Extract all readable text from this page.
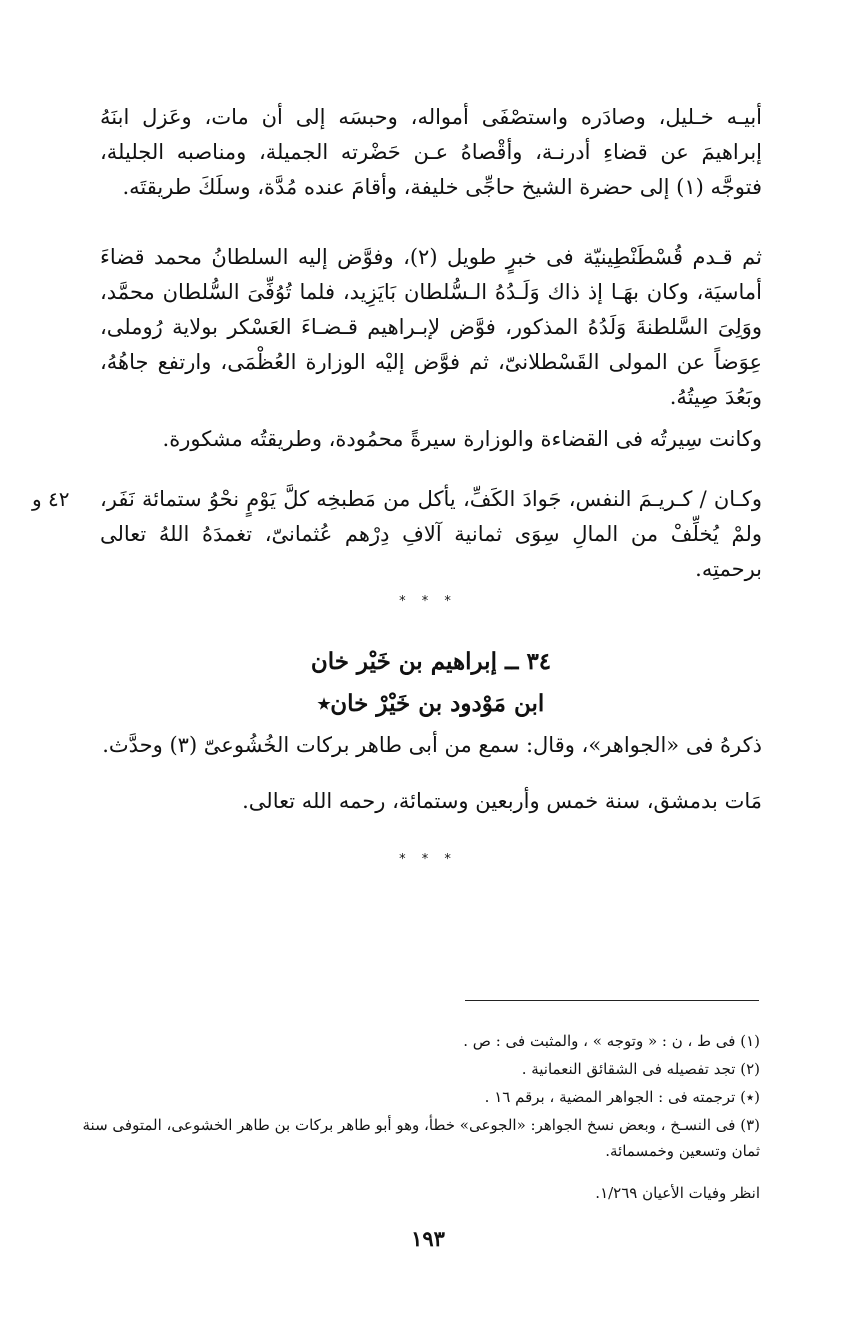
أبيـه خـليل، وصادَره واستصْفَى أمواله، وحبسَه إلى أن مات، وعَزل ابنَهُ إبراهيمَ عن قضاءِ أدرنـة، وأقْصاهُ عـن حَضْرته الجميلة، ومناصبه الجليلة، فتوجَّه (١) إلى حضرة الشيخ حاجِّى خليفة، وأقامَ عنده مُدَّة، وسلَكَ طريقتَه.
ثم قـدم قُسْطَنْطِينيّة فى خبرٍ طويل (٢)، وفوَّض إليه السلطانُ محمد قضاءَ أماسيَة، وكان بهَـا إذ ذاك وَلَـدُهُ الـسُّلطان بَايَزِيد، فلما تُوُفِّىَ السُّلطان محمَّد، ووَلِىَ السَّلطنةَ وَلَدُهُ المذكور، فوَّض لإبـراهيم قـضـاءَ العَسْكر بولاية رُوملى، عِوَضاً عن المولى القَسْطلانىّ، ثم فوَّض إليْه الوزارة العُظْمَى، وارتفع جاهُهُ، وبَعُدَ صِيتُهُ.
وكانت سِيرتُه فى القضاءة والوزارة سيرةً محمُودة، وطريقتُه مشكورة.
وكـان / كـريـمَ النفس، جَوادَ الكَفِّ، يأكل من مَطبخِه كلَّ يَوْمٍ نحْوُ ستمائة نَفَر، ولمْ يُخلِّفْ من المالِ سِوَى ثمانية آلافِ دِرْهم عُثمانىّ، تغمدَهُ اللهُ تعالى برحمتِه.
٤٢ و
* * *
٣٤ ــ إبراهيم بن خَيْر خان
ابن مَوْدود بن خَيْرْ خان٭
ذكرهُ فى «الجواهر»، وقال: سمع من أبى طاهر بركات الخُشُوعىّ (٣) وحدَّث.
مَات بدمشق، سنة خمس وأربعين وستمائة، رحمه الله تعالى.
* * *
(١) فى ط ، ن : « وتوجه » ، والمثبت فى : ص .
(٢) تجد تفصيله فى الشقائق النعمانية .
(٭) ترجمته فى : الجواهر المضية ، برقم ١٦ .
(٣) فى النسـخ ، وبعض نسخ الجواهر: «الجوعى» خطأ، وهو أبو طاهر بركات بن طاهر الخشوعى، المتوفى سنة ثمان وتسعين وخمسمائة.
انظر وفيات الأعيان ١/٢٦٩.
١٩٣
